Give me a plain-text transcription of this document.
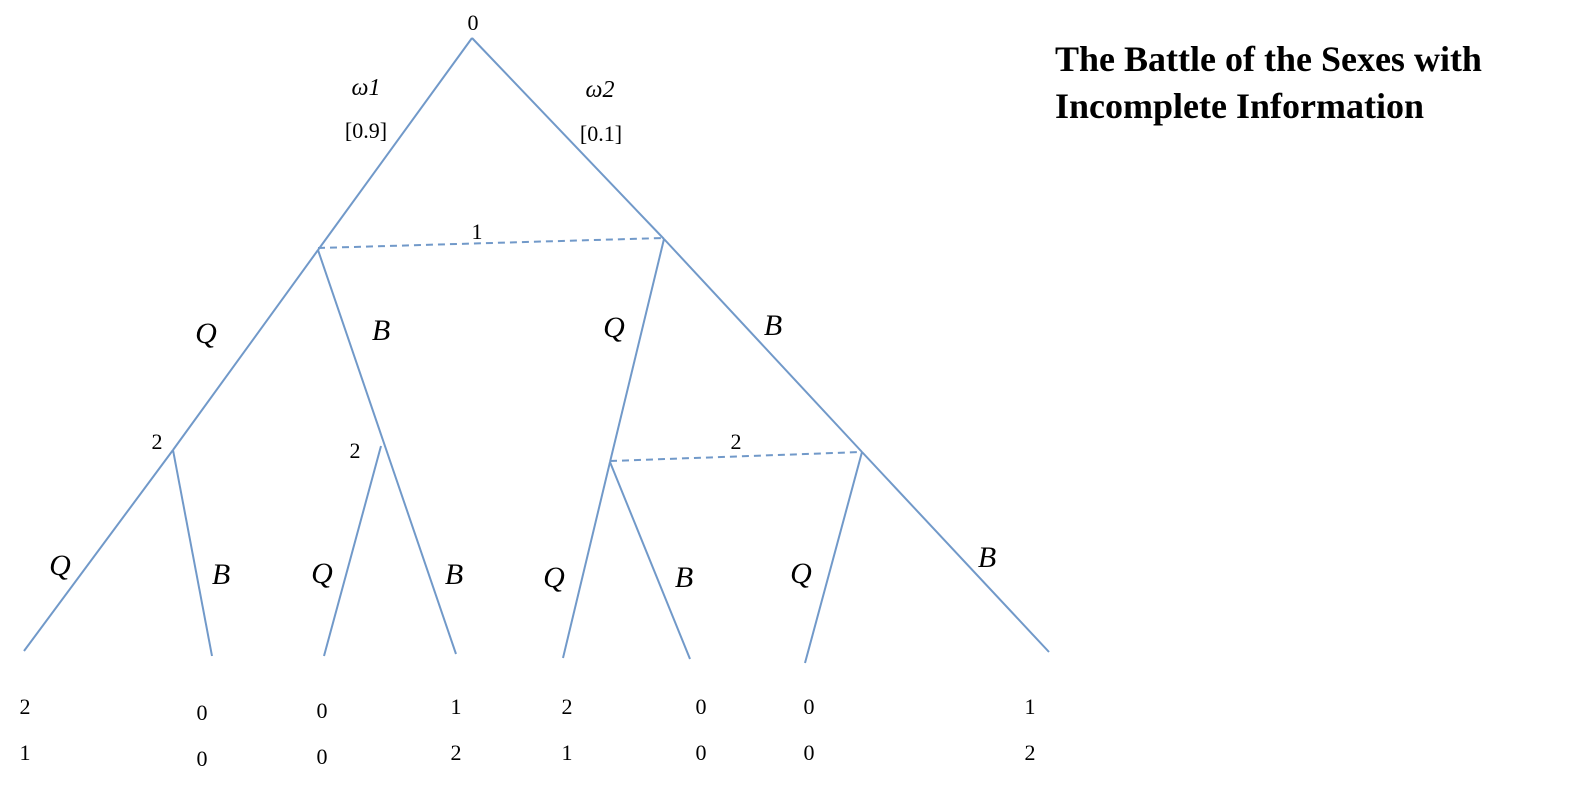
0
1
2
2	2
ω1
[0.9]
ω2
[0.1]
Q	B	Q	B
Q	B	Q	B	Q	B	Q	B
2
1
0
0
0
0
1
2
2
1
0
0
0
0
1
2
The Battle of the Sexes with
Incomplete Information
